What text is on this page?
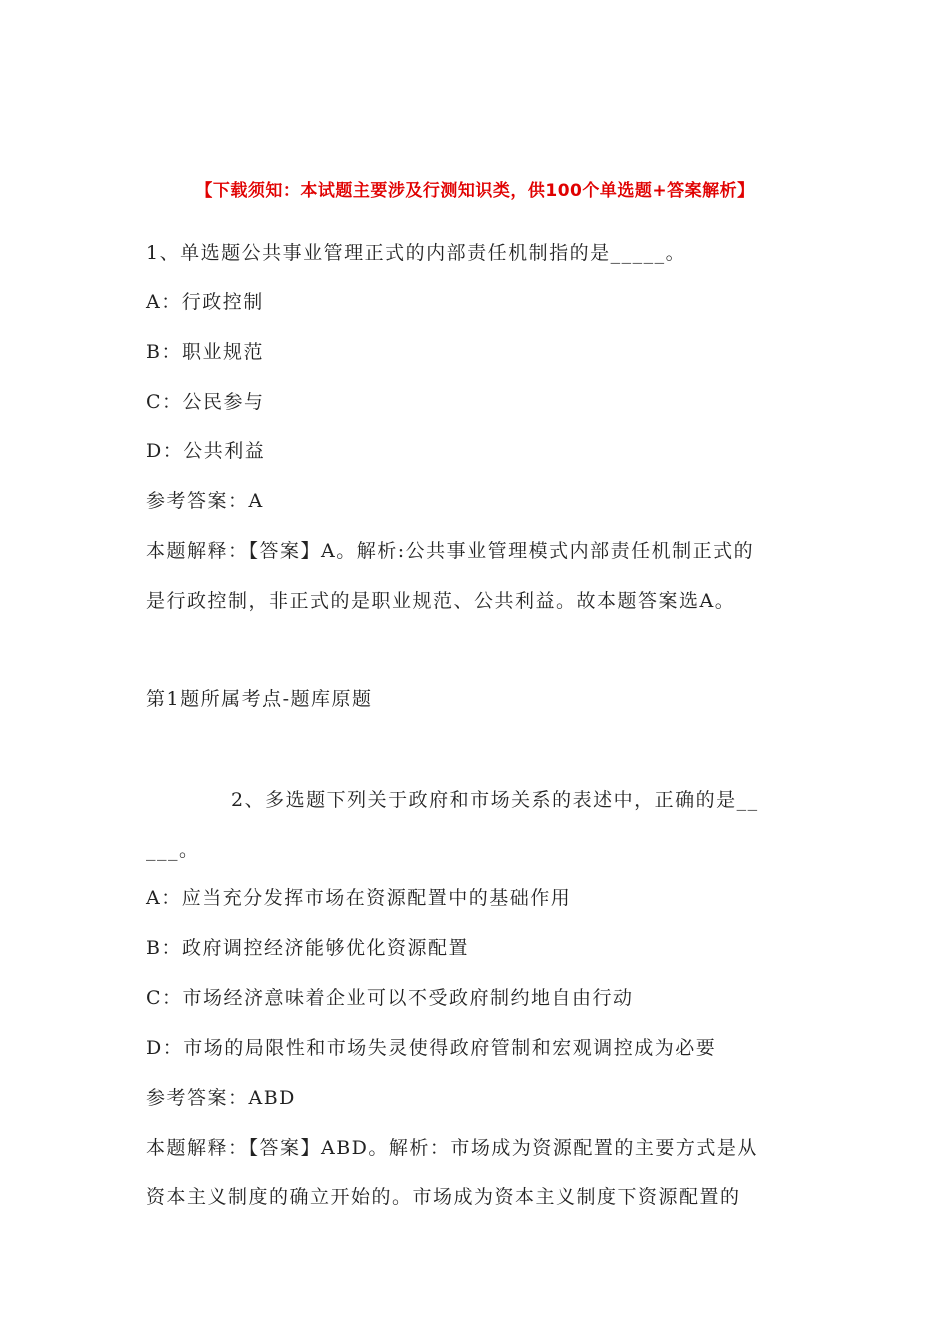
【下载须知：本试题主要涉及行测知识类，供100个单选题+答案解析】
1、单选题公共事业管理正式的内部责任机制指的是_____。
A：行政控制
B：职业规范
C：公民参与
D：公共利益
参考答案：A
本题解释：【答案】A。解析:公共事业管理模式内部责任机制正式的
是行政控制，非正式的是职业规范、公共利益。故本题答案选A。
第1题所属考点-题库原题
2、多选题下列关于政府和市场关系的表述中，正确的是__
___。
A：应当充分发挥市场在资源配置中的基础作用
B：政府调控经济能够优化资源配置
C：市场经济意味着企业可以不受政府制约地自由行动
D：市场的局限性和市场失灵使得政府管制和宏观调控成为必要
参考答案：ABD
本题解释：【答案】ABD。解析：市场成为资源配置的主要方式是从
资本主义制度的确立开始的。市场成为资本主义制度下资源配置的
